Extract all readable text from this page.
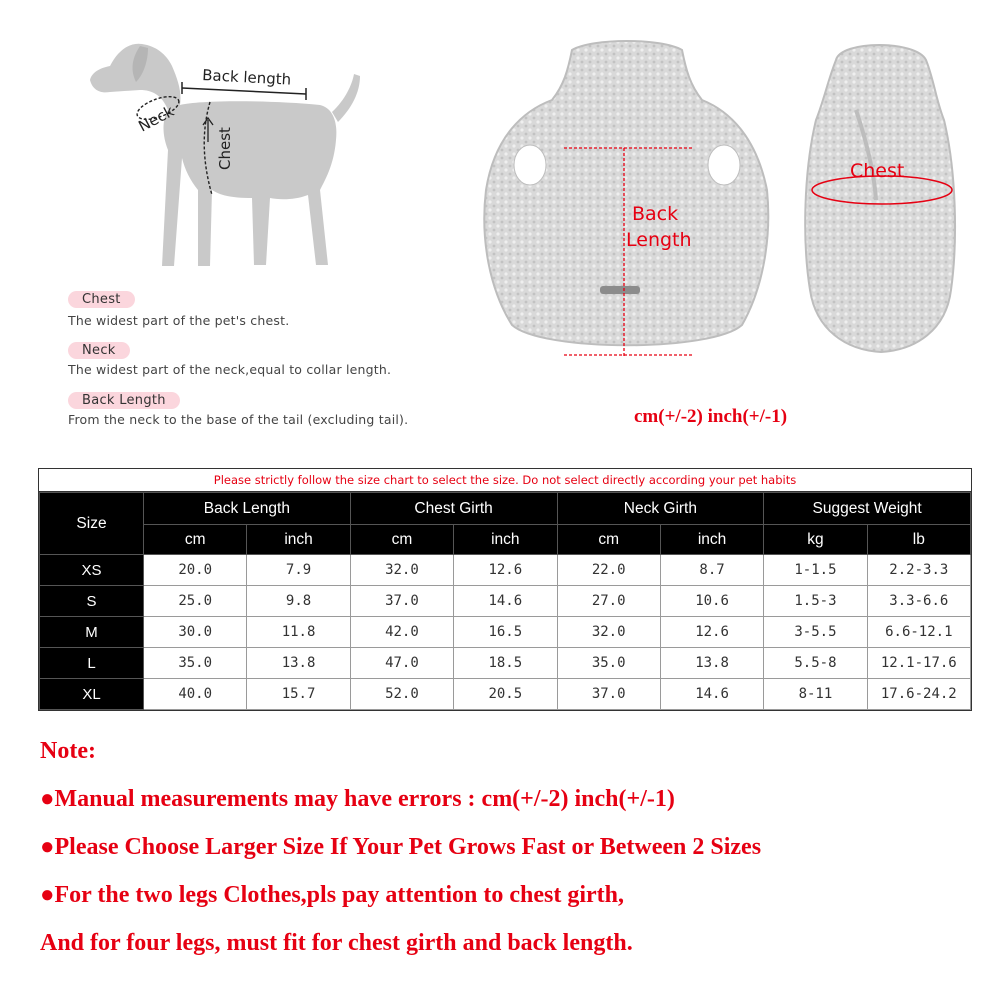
Back length
Neck
Chest
Chest
The widest part of the pet's chest.
Neck
The widest part of the neck,equal to collar length.
Back Length
From the neck to the base of the tail (excluding tail).
Back
Length
Chest
cm(+/-2) inch(+/-1)
Please strictly follow the size chart to select the size. Do not select directly according your pet habits
Size	Back Length		Chest Girth		Neck Girth		Suggest Weight	
	cm	inch	cm	inch	cm	inch	kg	lb
XS	20.0	7.9	32.0	12.6	22.0	8.7	1-1.5	2.2-3.3
S	25.0	9.8	37.0	14.6	27.0	10.6	1.5-3	3.3-6.6
M	30.0	11.8	42.0	16.5	32.0	12.6	3-5.5	6.6-12.1
L	35.0	13.8	47.0	18.5	35.0	13.8	5.5-8	12.1-17.6
XL	40.0	15.7	52.0	20.5	37.0	14.6	8-11	17.6-24.2
Note:
●Manual measurements may have errors : cm(+/-2) inch(+/-1)
●Please Choose Larger Size If Your Pet Grows Fast or Between 2 Sizes
●For the two legs Clothes,pls pay attention to chest girth,
And for four legs, must fit for chest girth and back length.
